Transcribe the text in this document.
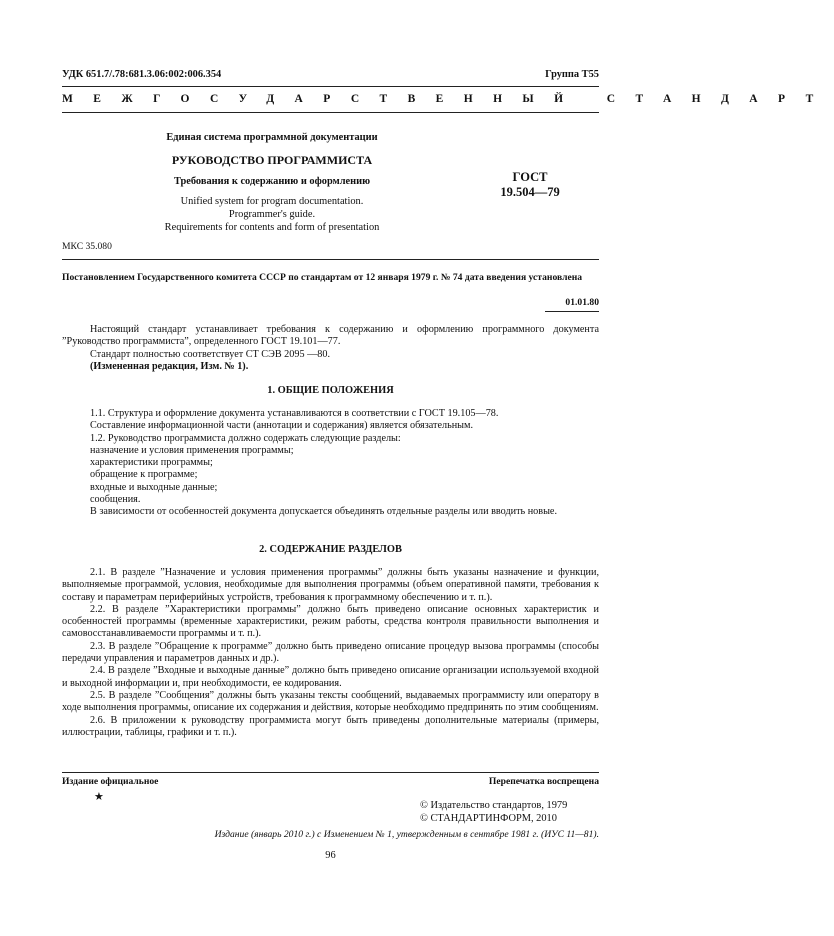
УДК 651.7/.78:681.3.06:002:006.354	Группа Т55
МЕЖГОСУДАРСТВЕННЫЙ СТАНДАРТ
Единая система программной документации
РУКОВОДСТВО ПРОГРАММИСТА
Требования к содержанию и оформлению
Unified system for program documentation.
Programmer's guide.
Requirements for contents and form of presentation
ГОСТ
19.504—79
МКС 35.080
Постановлением Государственного комитета СССР по стандартам от 12 января 1979 г. № 74 дата введения установлена
01.01.80

Настоящий стандарт устанавливает требования к содержанию и оформлению программного документа ”Руководство программиста”, определенного ГОСТ 19.101—77.

Стандарт полностью соответствует СТ СЭВ 2095 —80.

(Измененная редакция, Изм. № 1).

1. ОБЩИЕ ПОЛОЖЕНИЯ

1.1. Структура и оформление документа устанавливаются в соответствии с ГОСТ 19.105—78.

Составление информационной части (аннотации и содержания) является обязательным.

1.2. Руководство программиста должно содержать следующие разделы:

назначение и условия применения программы;

характеристики программы;

обращение к программе;

входные и выходные данные;

сообщения.

В зависимости от особенностей документа допускается объединять отдельные разделы или вводить новые.

2. СОДЕРЖАНИЕ РАЗДЕЛОВ

2.1. В разделе ”Назначение и условия применения программы” должны быть указаны назначение и функции, выполняемые программой, условия, необходимые для выполнения программы (объем оперативной памяти, требования к составу и параметрам периферийных устройств, требования к программному обеспечению и т. п.).

2.2. В разделе ”Характеристики программы” должно быть приведено описание основных характеристик и особенностей программы (временные характеристики, режим работы, средства контроля правильности выполнения и самовосстанавливаемости программы и т. п.).

2.3. В разделе ”Обращение к программе” должно быть приведено описание процедур вызова программы (способы передачи управления и параметров данных и др.).

2.4. В разделе ”Входные и выходные данные” должно быть приведено описание организации используемой входной и выходной информации и, при необходимости, ее кодирования.

2.5. В разделе ”Сообщения” должны быть указаны тексты сообщений, выдаваемых программисту или оператору в ходе выполнения программы, описание их содержания и действия, которые необходимо предпринять по этим сообщениям.

2.6. В приложении к руководству программиста могут быть приведены дополнительные материалы (примеры, иллюстрации, таблицы, графики и т. п.).

Издание официальное
★
Перепечатка воспрещена
© Издательство стандартов, 1979
© СТАНДАРТИНФОРМ, 2010
Издание (январь 2010 г.) с Изменением № 1, утвержденным в сентябре 1981 г. (ИУС 11—81).
96
